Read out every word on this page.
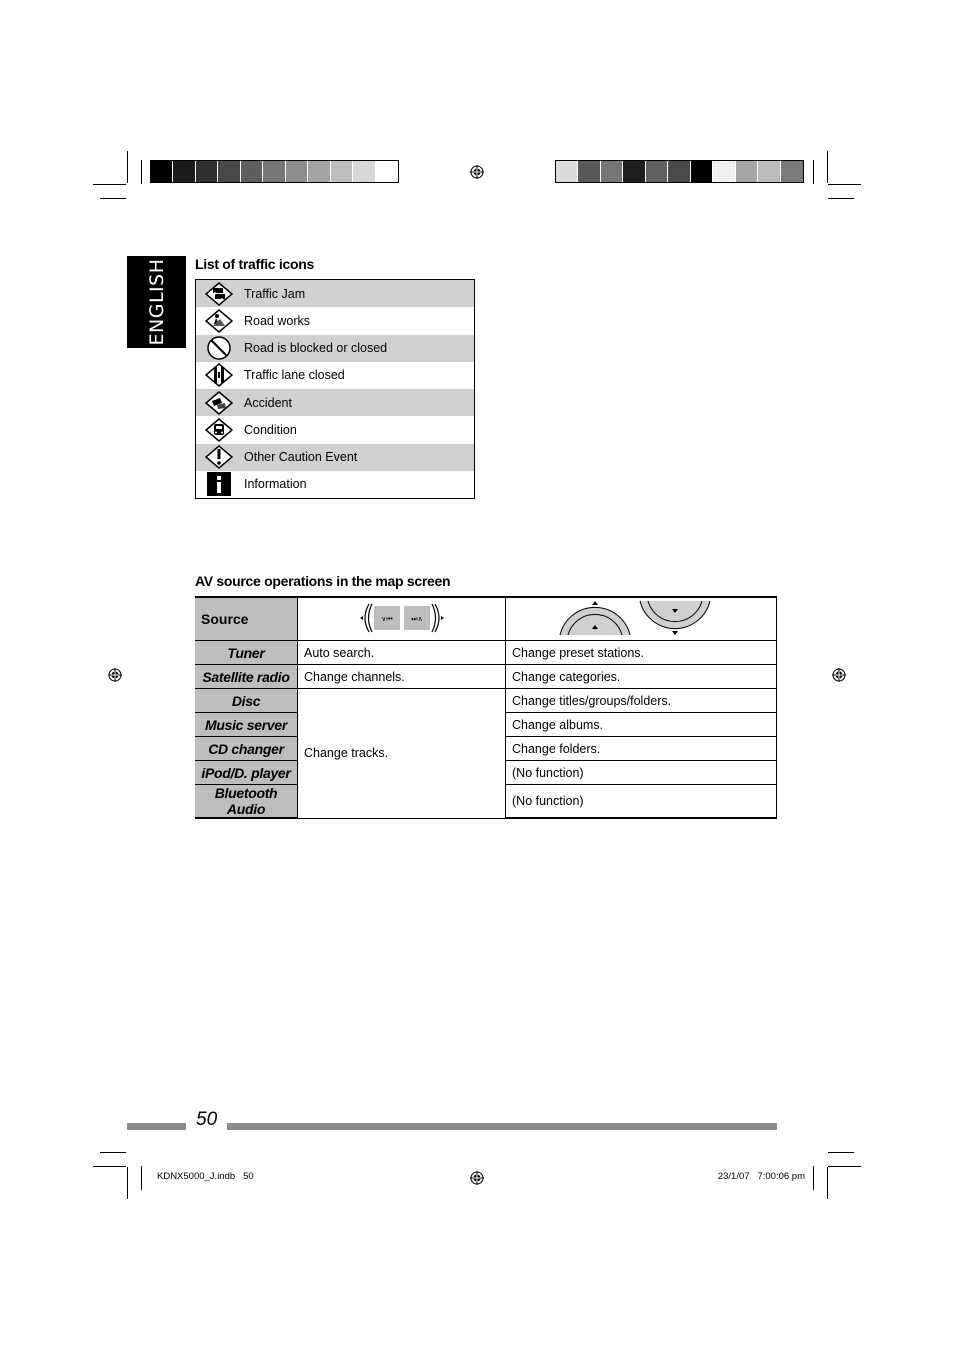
ENGLISH List of traffic icons
Traffic Jam
Road works
Road is blocked or closed
Traffic lane closed
Accident
Condition
Other Caution Event
Information
AV source operations in the map screen
Source	∨⏮ ⏭∧

Tuner	Auto search.	Change preset stations.
Satellite radio	Change channels.	Change categories.
Disc	Change tracks.	Change titles/groups/folders.
Music server		Change albums.
CD changer		Change folders.
iPod/D. player		(No function)
Bluetooth Audio		(No function)
50
KDNX5000_J.indb   50	23/1/07   7:00:06 pm
